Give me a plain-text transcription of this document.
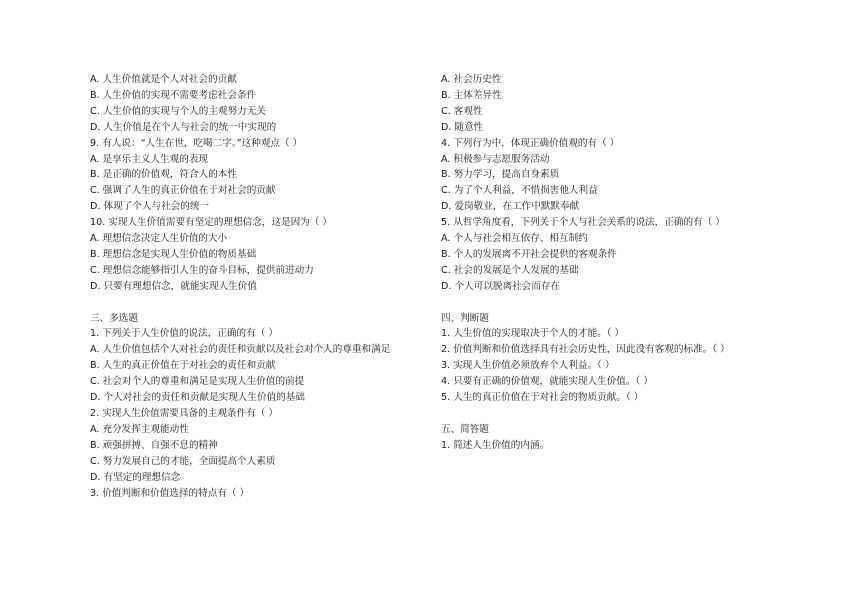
A. 人生价值就是个人对社会的贡献
B. 人生价值的实现不需要考虑社会条件
C. 人生价值的实现与个人的主观努力无关
D. 人生价值是在个人与社会的统一中实现的
9. 有人说：“人生在世，吃喝二字。”这种观点（ ）
A. 是享乐主义人生观的表现
B. 是正确的价值观，符合人的本性
C. 强调了人生的真正价值在于对社会的贡献
D. 体现了个人与社会的统一
10. 实现人生价值需要有坚定的理想信念，这是因为（ ）
A. 理想信念决定人生价值的大小
B. 理想信念是实现人生价值的物质基础
C. 理想信念能够指引人生的奋斗目标，提供前进动力
D. 只要有理想信念，就能实现人生价值
三、多选题
1. 下列关于人生价值的说法，正确的有（ ）
A. 人生价值包括个人对社会的责任和贡献以及社会对个人的尊重和满足
B. 人生的真正价值在于对社会的责任和贡献
C. 社会对个人的尊重和满足是实现人生价值的前提
D. 个人对社会的责任和贡献是实现人生价值的基础
2. 实现人生价值需要具备的主观条件有（ ）
A. 充分发挥主观能动性
B. 顽强拼搏、自强不息的精神
C. 努力发展自己的才能，全面提高个人素质
D. 有坚定的理想信念
3. 价值判断和价值选择的特点有（ ）
A. 社会历史性
B. 主体差异性
C. 客观性
D. 随意性
4. 下列行为中，体现正确价值观的有（ ）
A. 积极参与志愿服务活动
B. 努力学习，提高自身素质
C. 为了个人利益，不惜损害他人利益
D. 爱岗敬业，在工作中默默奉献
5. 从哲学角度看，下列关于个人与社会关系的说法，正确的有（ ）
A. 个人与社会相互依存、相互制约
B. 个人的发展离不开社会提供的客观条件
C. 社会的发展是个人发展的基础
D. 个人可以脱离社会而存在
四、判断题
1. 人生价值的实现取决于个人的才能。（ ）
2. 价值判断和价值选择具有社会历史性，因此没有客观的标准。（ ）
3. 实现人生价值必须放弃个人利益。（ ）
4. 只要有正确的价值观，就能实现人生价值。（ ）
5. 人生的真正价值在于对社会的物质贡献。（ ）
五、简答题
1. 简述人生价值的内涵。
